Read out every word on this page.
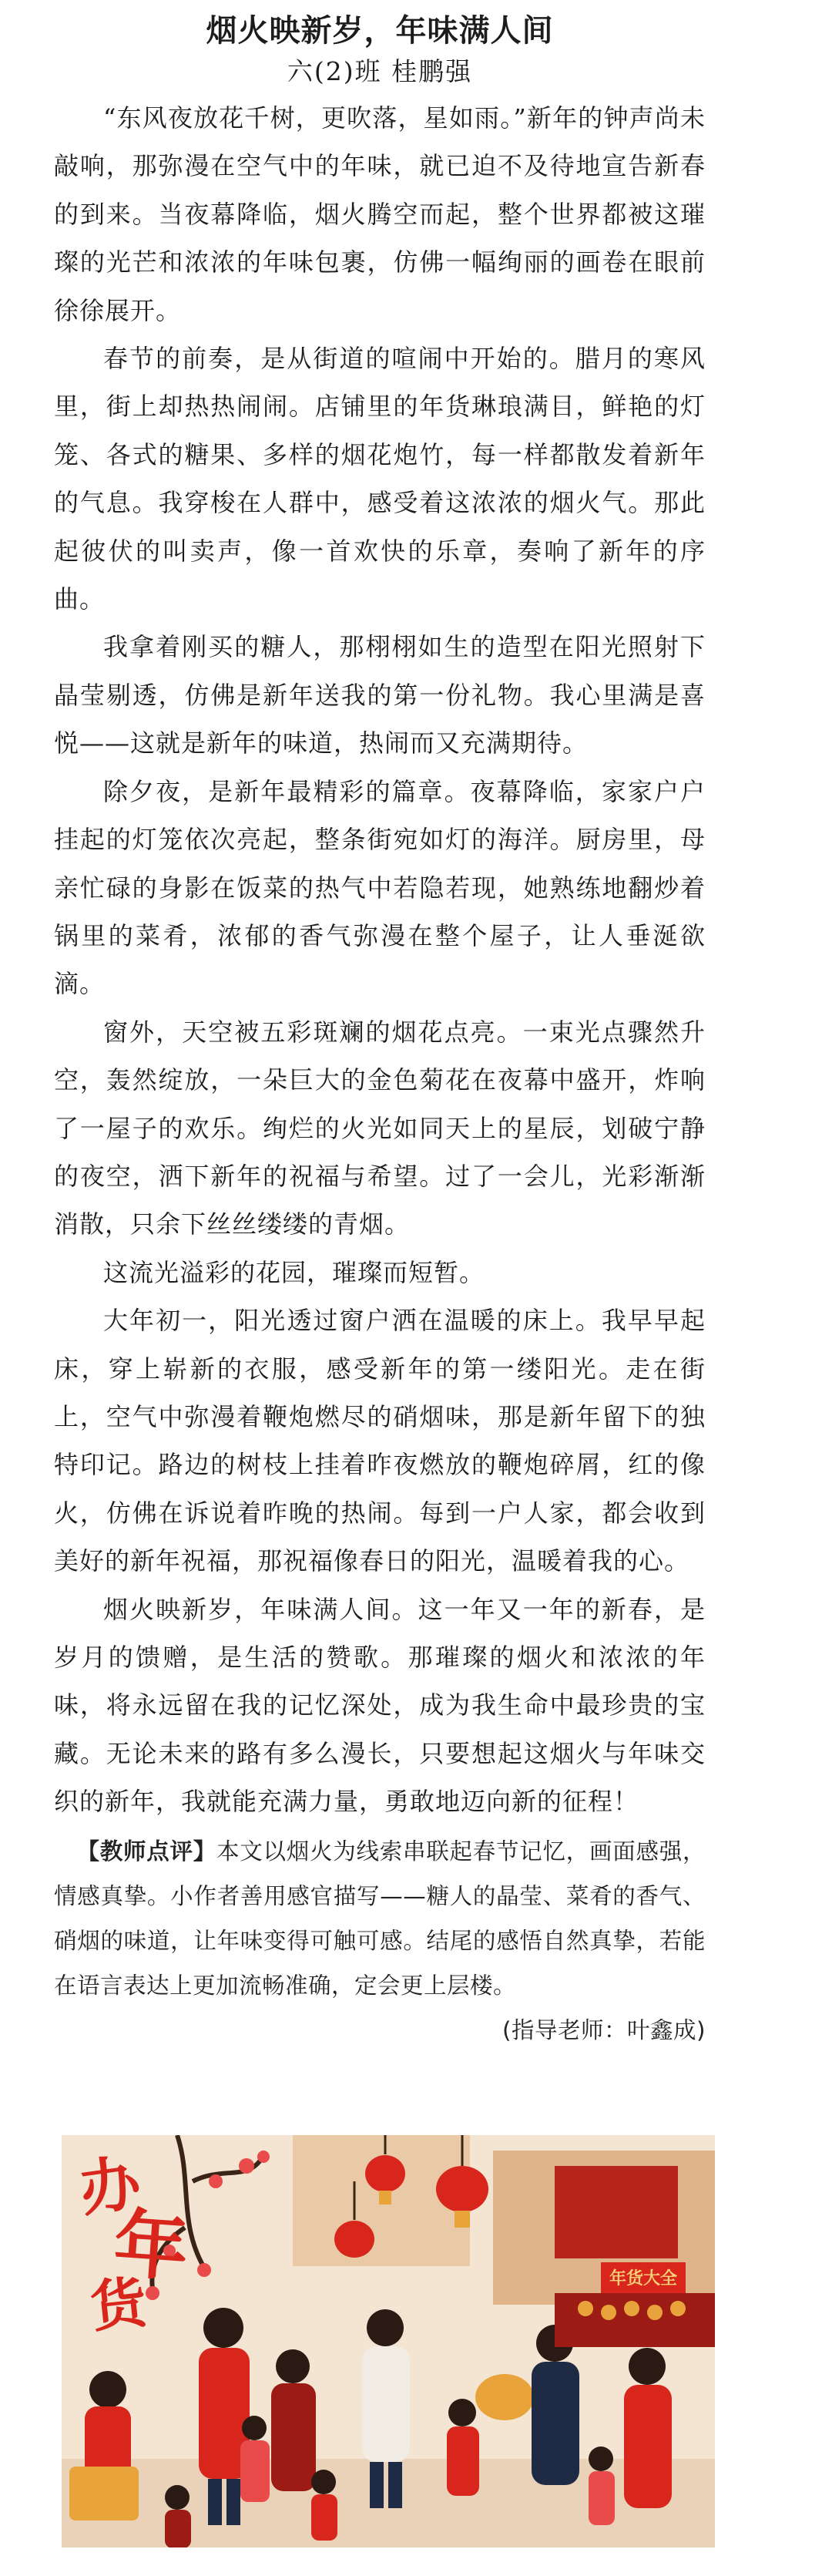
烟火映新岁，年味满人间
六(2)班 桂鹏强

“东风夜放花千树，更吹落，星如雨。”新年的钟声尚未敲响，那弥漫在空气中的年味，就已迫不及待地宣告新春的到来。当夜幕降临，烟火腾空而起，整个世界都被这璀璨的光芒和浓浓的年味包裹，仿佛一幅绚丽的画卷在眼前徐徐展开。

春节的前奏，是从街道的喧闹中开始的。腊月的寒风里，街上却热热闹闹。店铺里的年货琳琅满目，鲜艳的灯笼、各式的糖果、多样的烟花炮竹，每一样都散发着新年的气息。我穿梭在人群中，感受着这浓浓的烟火气。那此起彼伏的叫卖声，像一首欢快的乐章，奏响了新年的序曲。

我拿着刚买的糖人，那栩栩如生的造型在阳光照射下晶莹剔透，仿佛是新年送我的第一份礼物。我心里满是喜悦——这就是新年的味道，热闹而又充满期待。

除夕夜，是新年最精彩的篇章。夜幕降临，家家户户挂起的灯笼依次亮起，整条街宛如灯的海洋。厨房里，母亲忙碌的身影在饭菜的热气中若隐若现，她熟练地翻炒着锅里的菜肴，浓郁的香气弥漫在整个屋子，让人垂涎欲滴。

窗外，天空被五彩斑斓的烟花点亮。一束光点骤然升空，轰然绽放，一朵巨大的金色菊花在夜幕中盛开，炸响了一屋子的欢乐。绚烂的火光如同天上的星辰，划破宁静的夜空，洒下新年的祝福与希望。过了一会儿，光彩渐渐消散，只余下丝丝缕缕的青烟。

这流光溢彩的花园，璀璨而短暂。

大年初一，阳光透过窗户洒在温暖的床上。我早早起床，穿上崭新的衣服，感受新年的第一缕阳光。走在街上，空气中弥漫着鞭炮燃尽的硝烟味，那是新年留下的独特印记。路边的树枝上挂着昨夜燃放的鞭炮碎屑，红的像火，仿佛在诉说着昨晚的热闹。每到一户人家，都会收到美好的新年祝福，那祝福像春日的阳光，温暖着我的心。

烟火映新岁，年味满人间。这一年又一年的新春，是岁月的馈赠，是生活的赞歌。那璀璨的烟火和浓浓的年味，将永远留在我的记忆深处，成为我生命中最珍贵的宝藏。无论未来的路有多么漫长，只要想起这烟火与年味交织的新年，我就能充满力量，勇敢地迈向新的征程！

【教师点评】本文以烟火为线索串联起春节记忆，画面感强，情感真挚。小作者善用感官描写——糖人的晶莹、菜肴的香气、硝烟的味道，让年味变得可触可感。结尾的感悟自然真挚，若能在语言表达上更加流畅准确，定会更上层楼。
(指导老师：叶鑫成)
年货大全
办
年
货
